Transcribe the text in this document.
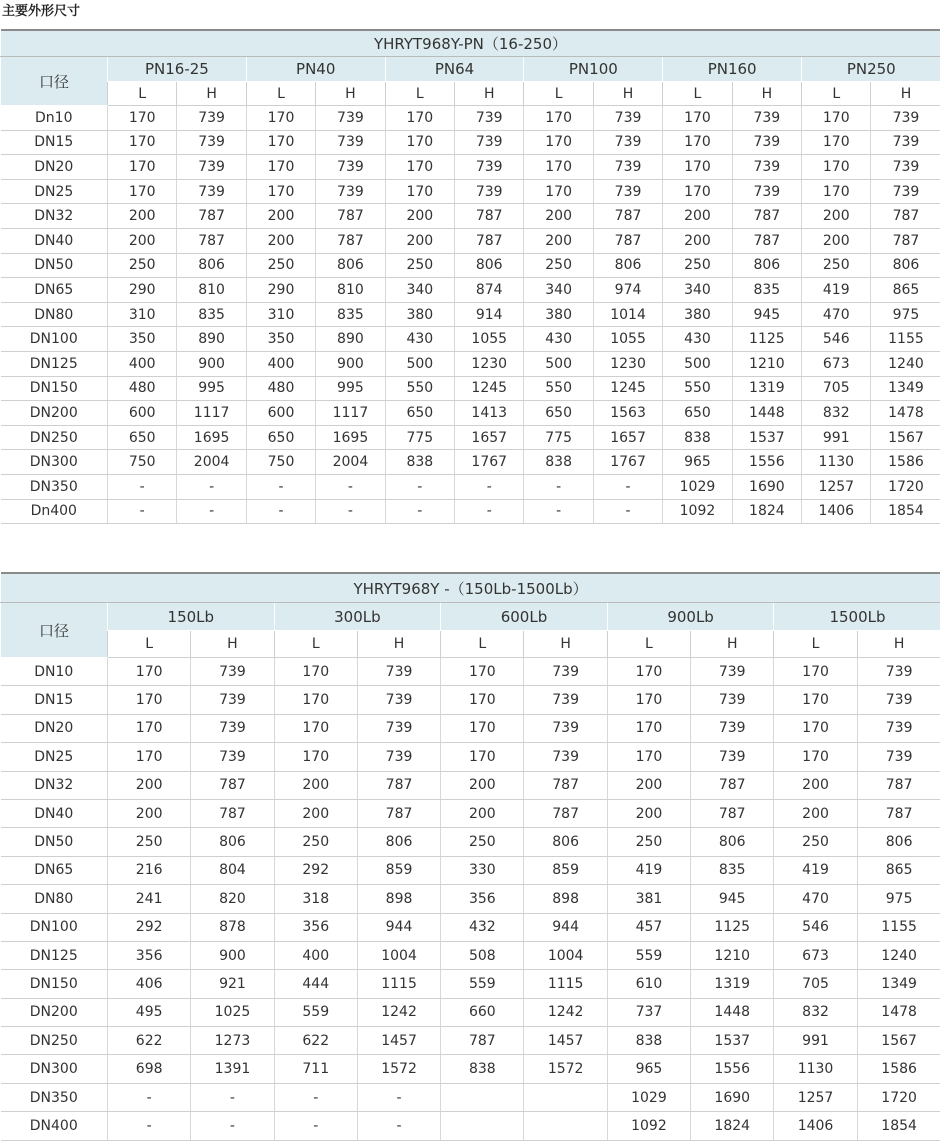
主要外形尺寸
YHRYT968Y-PN（16-250）												
口径	PN16-25		PN40		PN64		PN100		PN160		PN250	
	L	H	L	H	L	H	L	H	L	H	L	H
Dn10	170	739	170	739	170	739	170	739	170	739	170	739
DN15	170	739	170	739	170	739	170	739	170	739	170	739
DN20	170	739	170	739	170	739	170	739	170	739	170	739
DN25	170	739	170	739	170	739	170	739	170	739	170	739
DN32	200	787	200	787	200	787	200	787	200	787	200	787
DN40	200	787	200	787	200	787	200	787	200	787	200	787
DN50	250	806	250	806	250	806	250	806	250	806	250	806
DN65	290	810	290	810	340	874	340	974	340	835	419	865
DN80	310	835	310	835	380	914	380	1014	380	945	470	975
DN100	350	890	350	890	430	1055	430	1055	430	1125	546	1155
DN125	400	900	400	900	500	1230	500	1230	500	1210	673	1240
DN150	480	995	480	995	550	1245	550	1245	550	1319	705	1349
DN200	600	1117	600	1117	650	1413	650	1563	650	1448	832	1478
DN250	650	1695	650	1695	775	1657	775	1657	838	1537	991	1567
DN300	750	2004	750	2004	838	1767	838	1767	965	1556	1130	1586
DN350	-	-	-	-	-	-	-	-	1029	1690	1257	1720
Dn400	-	-	-	-	-	-	-	-	1092	1824	1406	1854
YHRYT968Y -（150Lb-1500Lb）										
口径	150Lb		300Lb		600Lb		900Lb		1500Lb	
	L	H	L	H	L	H	L	H	L	H
DN10	170	739	170	739	170	739	170	739	170	739
DN15	170	739	170	739	170	739	170	739	170	739
DN20	170	739	170	739	170	739	170	739	170	739
DN25	170	739	170	739	170	739	170	739	170	739
DN32	200	787	200	787	200	787	200	787	200	787
DN40	200	787	200	787	200	787	200	787	200	787
DN50	250	806	250	806	250	806	250	806	250	806
DN65	216	804	292	859	330	859	419	835	419	865
DN80	241	820	318	898	356	898	381	945	470	975
DN100	292	878	356	944	432	944	457	1125	546	1155
DN125	356	900	400	1004	508	1004	559	1210	673	1240
DN150	406	921	444	1115	559	1115	610	1319	705	1349
DN200	495	1025	559	1242	660	1242	737	1448	832	1478
DN250	622	1273	622	1457	787	1457	838	1537	991	1567
DN300	698	1391	711	1572	838	1572	965	1556	1130	1586
DN350	-	-	-	-			1029	1690	1257	1720
DN400	-	-	-	-			1092	1824	1406	1854
